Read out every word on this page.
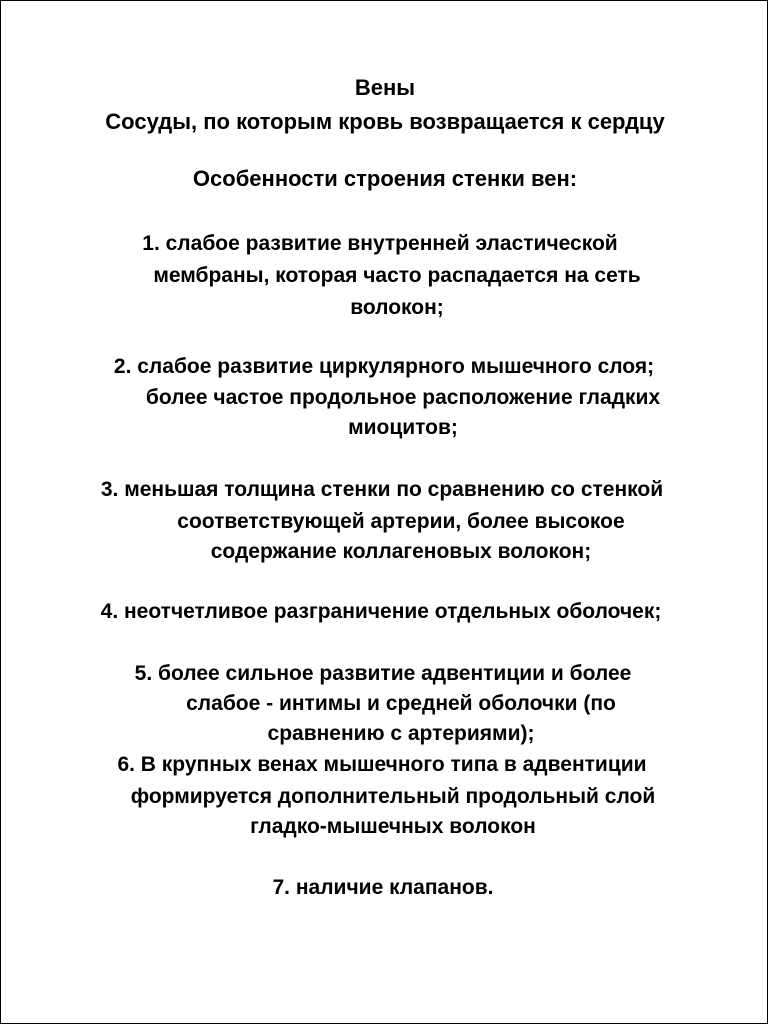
Вены

Сосуды, по которым кровь возвращается к сердцу

Особенности строения стенки вен:

1. слабое развитие внутренней эластической

мембраны, которая часто распадается на сеть

волокон;

2. слабое развитие циркулярного мышечного слоя;

более частое продольное расположение гладких

миоцитов;

3. меньшая толщина стенки по сравнению со стенкой

соответствующей артерии, более высокое

содержание коллагеновых волокон;

4. неотчетливое разграничение отдельных оболочек;

5. более сильное развитие адвентиции и более

слабое - интимы и средней оболочки (по

сравнению с артериями);

6. В крупных венах мышечного типа в адвентиции

формируется дополнительный продольный слой

гладко-мышечных волокон

7. наличие клапанов.
